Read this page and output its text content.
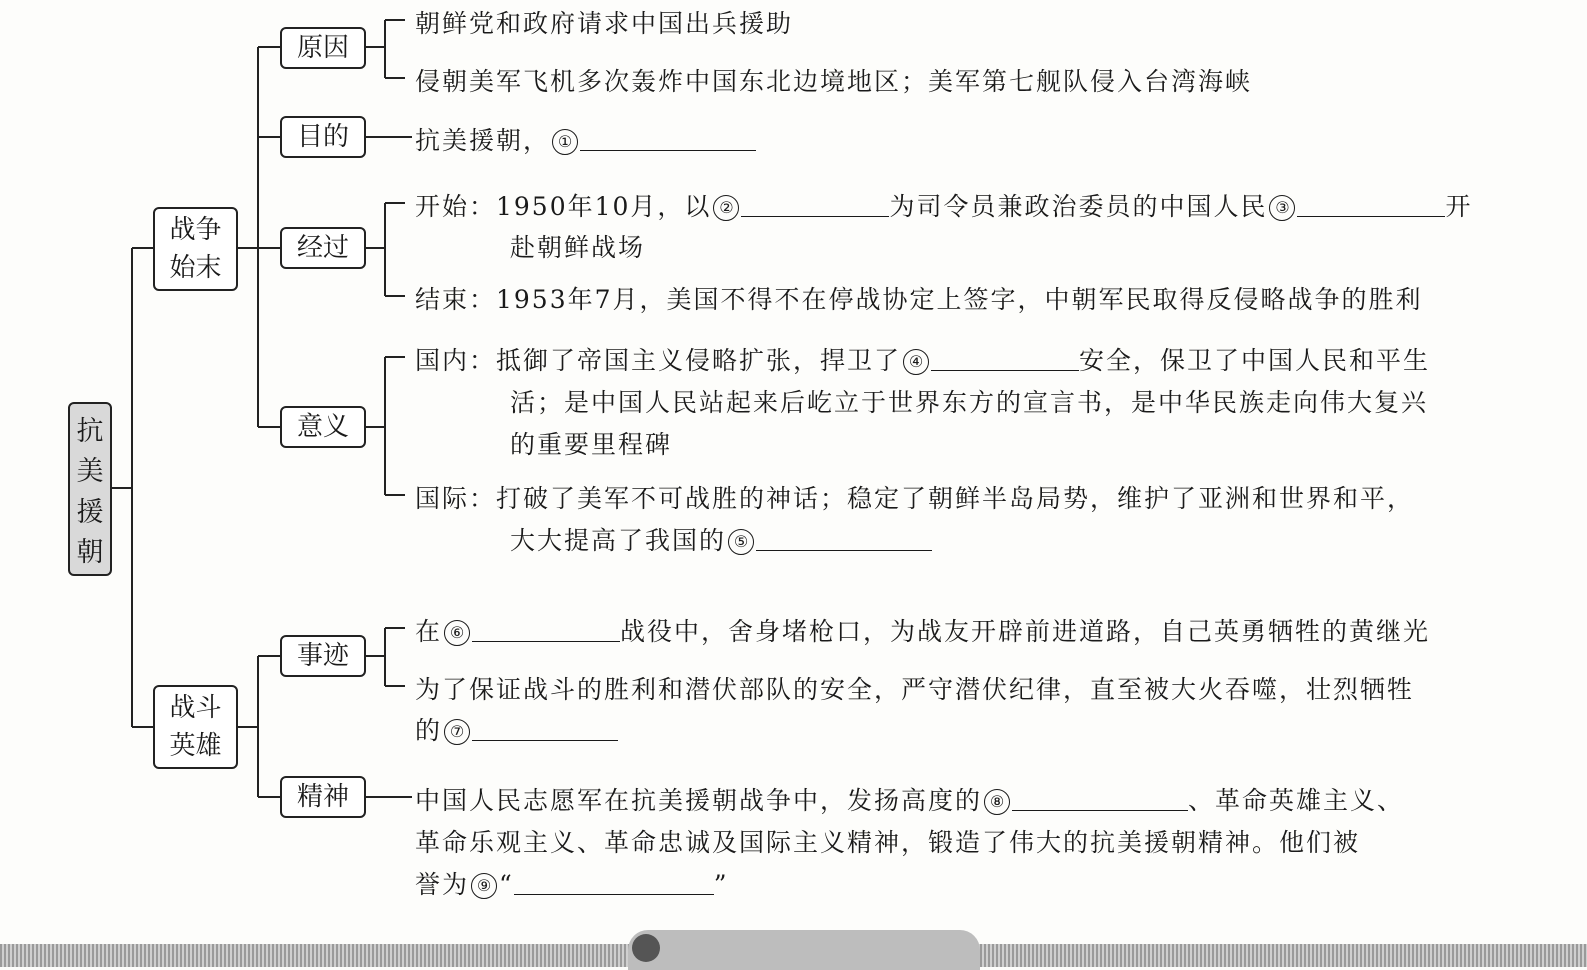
抗
美
援
朝
战争
始末
战斗
英雄
原因
目的
经过
意义
事迹
精神
朝鲜党和政府请求中国出兵援助
侵朝美军飞机多次轰炸中国东北边境地区；美军第七舰队侵入台湾海峡
抗美援朝， ①
开始：1950年10月，以 ②	为司令员兼政治委员的中国人民 ③	开
赴朝鲜战场
结束：1953年7月，美国不得不在停战协定上签字，中朝军民取得反侵略战争的胜利
国内：抵御了帝国主义侵略扩张，捍卫了 ④	安全，保卫了中国人民和平生
活；是中国人民站起来后屹立于世界东方的宣言书，是中华民族走向伟大复兴
的重要里程碑
国际：打破了美军不可战胜的神话；稳定了朝鲜半岛局势，维护了亚洲和世界和平，
大大提高了我国的 ⑤
在 ⑥	战役中，舍身堵枪口，为战友开辟前进道路，自己英勇牺牲的黄继光
为了保证战斗的胜利和潜伏部队的安全，严守潜伏纪律，直至被大火吞噬，壮烈牺牲
的 ⑦
中国人民志愿军在抗美援朝战争中，发扬高度的 ⑧	、革命英雄主义、
革命乐观主义、革命忠诚及国际主义精神，锻造了伟大的抗美援朝精神。他们被
誉为 ⑨ “	”
